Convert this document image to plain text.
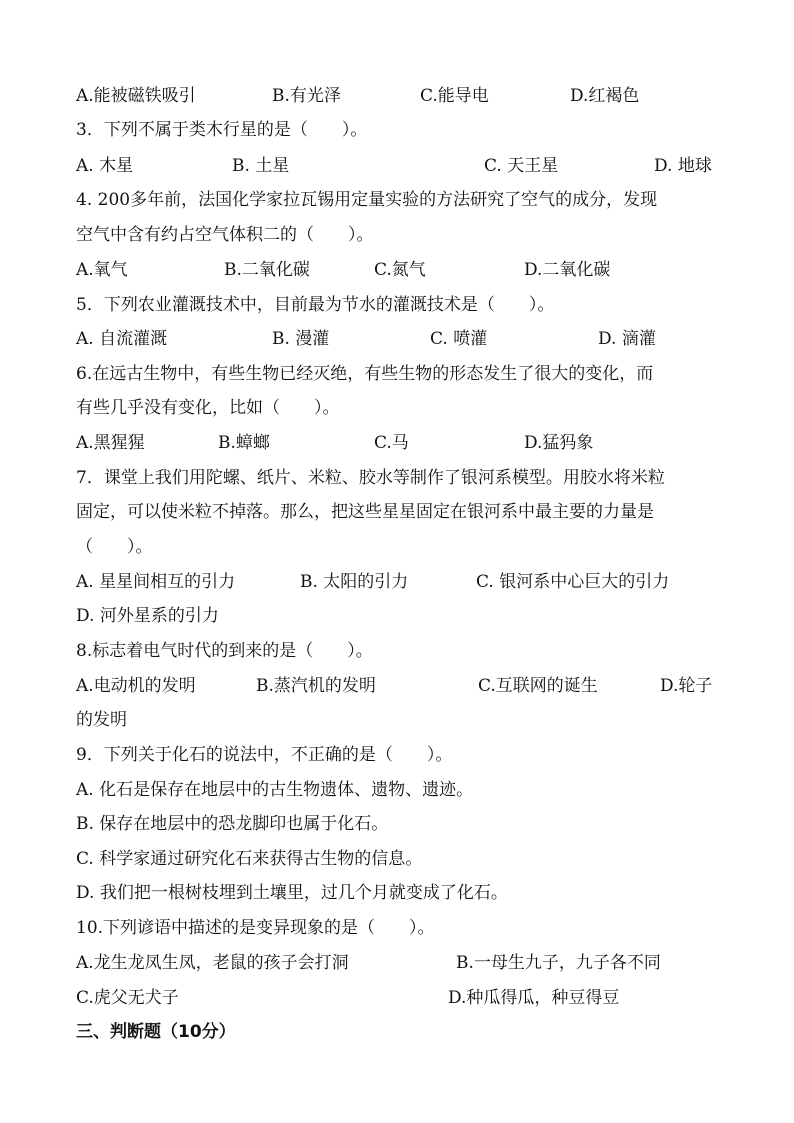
A.能被磁铁吸引	B.有光泽	C.能导电	D.红褐色
3．下列不属于类木行星的是（　　）。
A. 木星	B. 土星	C. 天王星	D. 地球
4. 200多年前，法国化学家拉瓦锡用定量实验的方法研究了空气的成分，发现
空气中含有约占空气体积二的（　　）。
A.氧气	B.二氧化碳	C.氮气	D.二氧化碳
5．下列农业灌溉技术中，目前最为节水的灌溉技术是（　　）。
A. 自流灌溉	B. 漫灌	C. 喷灌	D. 滴灌
6.在远古生物中，有些生物已经灭绝，有些生物的形态发生了很大的变化，而
有些几乎没有变化，比如（　　）。
A.黑猩猩	B.蟑螂	C.马	D.猛犸象
7．课堂上我们用陀螺、纸片、米粒、胶水等制作了银河系模型。用胶水将米粒
固定，可以使米粒不掉落。那么，把这些星星固定在银河系中最主要的力量是
（　　）。
A. 星星间相互的引力	B. 太阳的引力	C. 银河系中心巨大的引力
D. 河外星系的引力
8.标志着电气时代的到来的是（　　）。
A.电动机的发明	B.蒸汽机的发明	C.互联网的诞生	D.轮子
的发明
9．下列关于化石的说法中，不正确的是（　　）。
A. 化石是保存在地层中的古生物遗体、遗物、遗迹。
B. 保存在地层中的恐龙脚印也属于化石。
C. 科学家通过研究化石来获得古生物的信息。
D. 我们把一根树枝埋到土壤里，过几个月就变成了化石。
10.下列谚语中描述的是变异现象的是（　　）。
A.龙生龙凤生凤，老鼠的孩子会打洞	B.一母生九子，九子各不同
C.虎父无犬子	D.种瓜得瓜，种豆得豆
三、判断题（10分）
